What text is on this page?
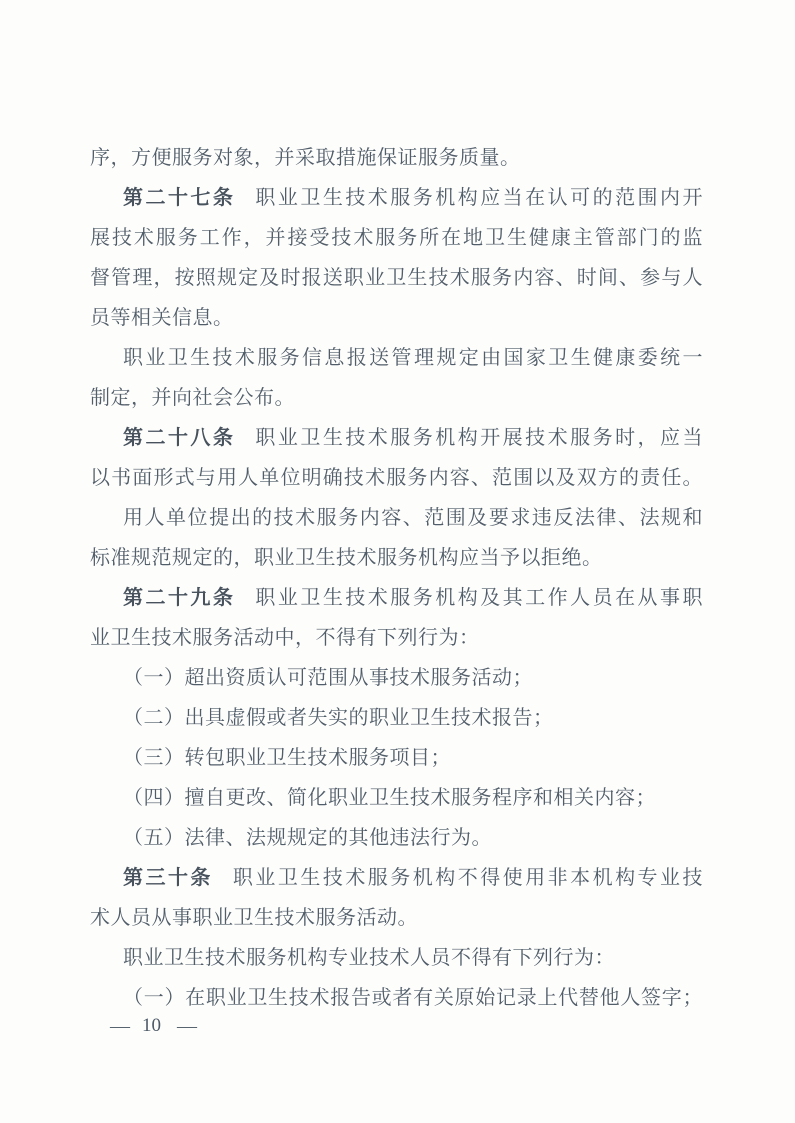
序，方便服务对象，并采取措施保证服务质量。
第二十七条 职业卫生技术服务机构应当在认可的范围内开
展技术服务工作，并接受技术服务所在地卫生健康主管部门的监
督管理，按照规定及时报送职业卫生技术服务内容、时间、参与人
员等相关信息。
职业卫生技术服务信息报送管理规定由国家卫生健康委统一
制定，并向社会公布。
第二十八条 职业卫生技术服务机构开展技术服务时，应当
以书面形式与用人单位明确技术服务内容、范围以及双方的责任。
用人单位提出的技术服务内容、范围及要求违反法律、法规和
标准规范规定的，职业卫生技术服务机构应当予以拒绝。
第二十九条 职业卫生技术服务机构及其工作人员在从事职
业卫生技术服务活动中，不得有下列行为：
（一）超出资质认可范围从事技术服务活动；
（二）出具虚假或者失实的职业卫生技术报告；
（三）转包职业卫生技术服务项目；
（四）擅自更改、简化职业卫生技术服务程序和相关内容；
（五）法律、法规规定的其他违法行为。
第三十条 职业卫生技术服务机构不得使用非本机构专业技
术人员从事职业卫生技术服务活动。
职业卫生技术服务机构专业技术人员不得有下列行为：
（一）在职业卫生技术报告或者有关原始记录上代替他人签字；
— 10 —
